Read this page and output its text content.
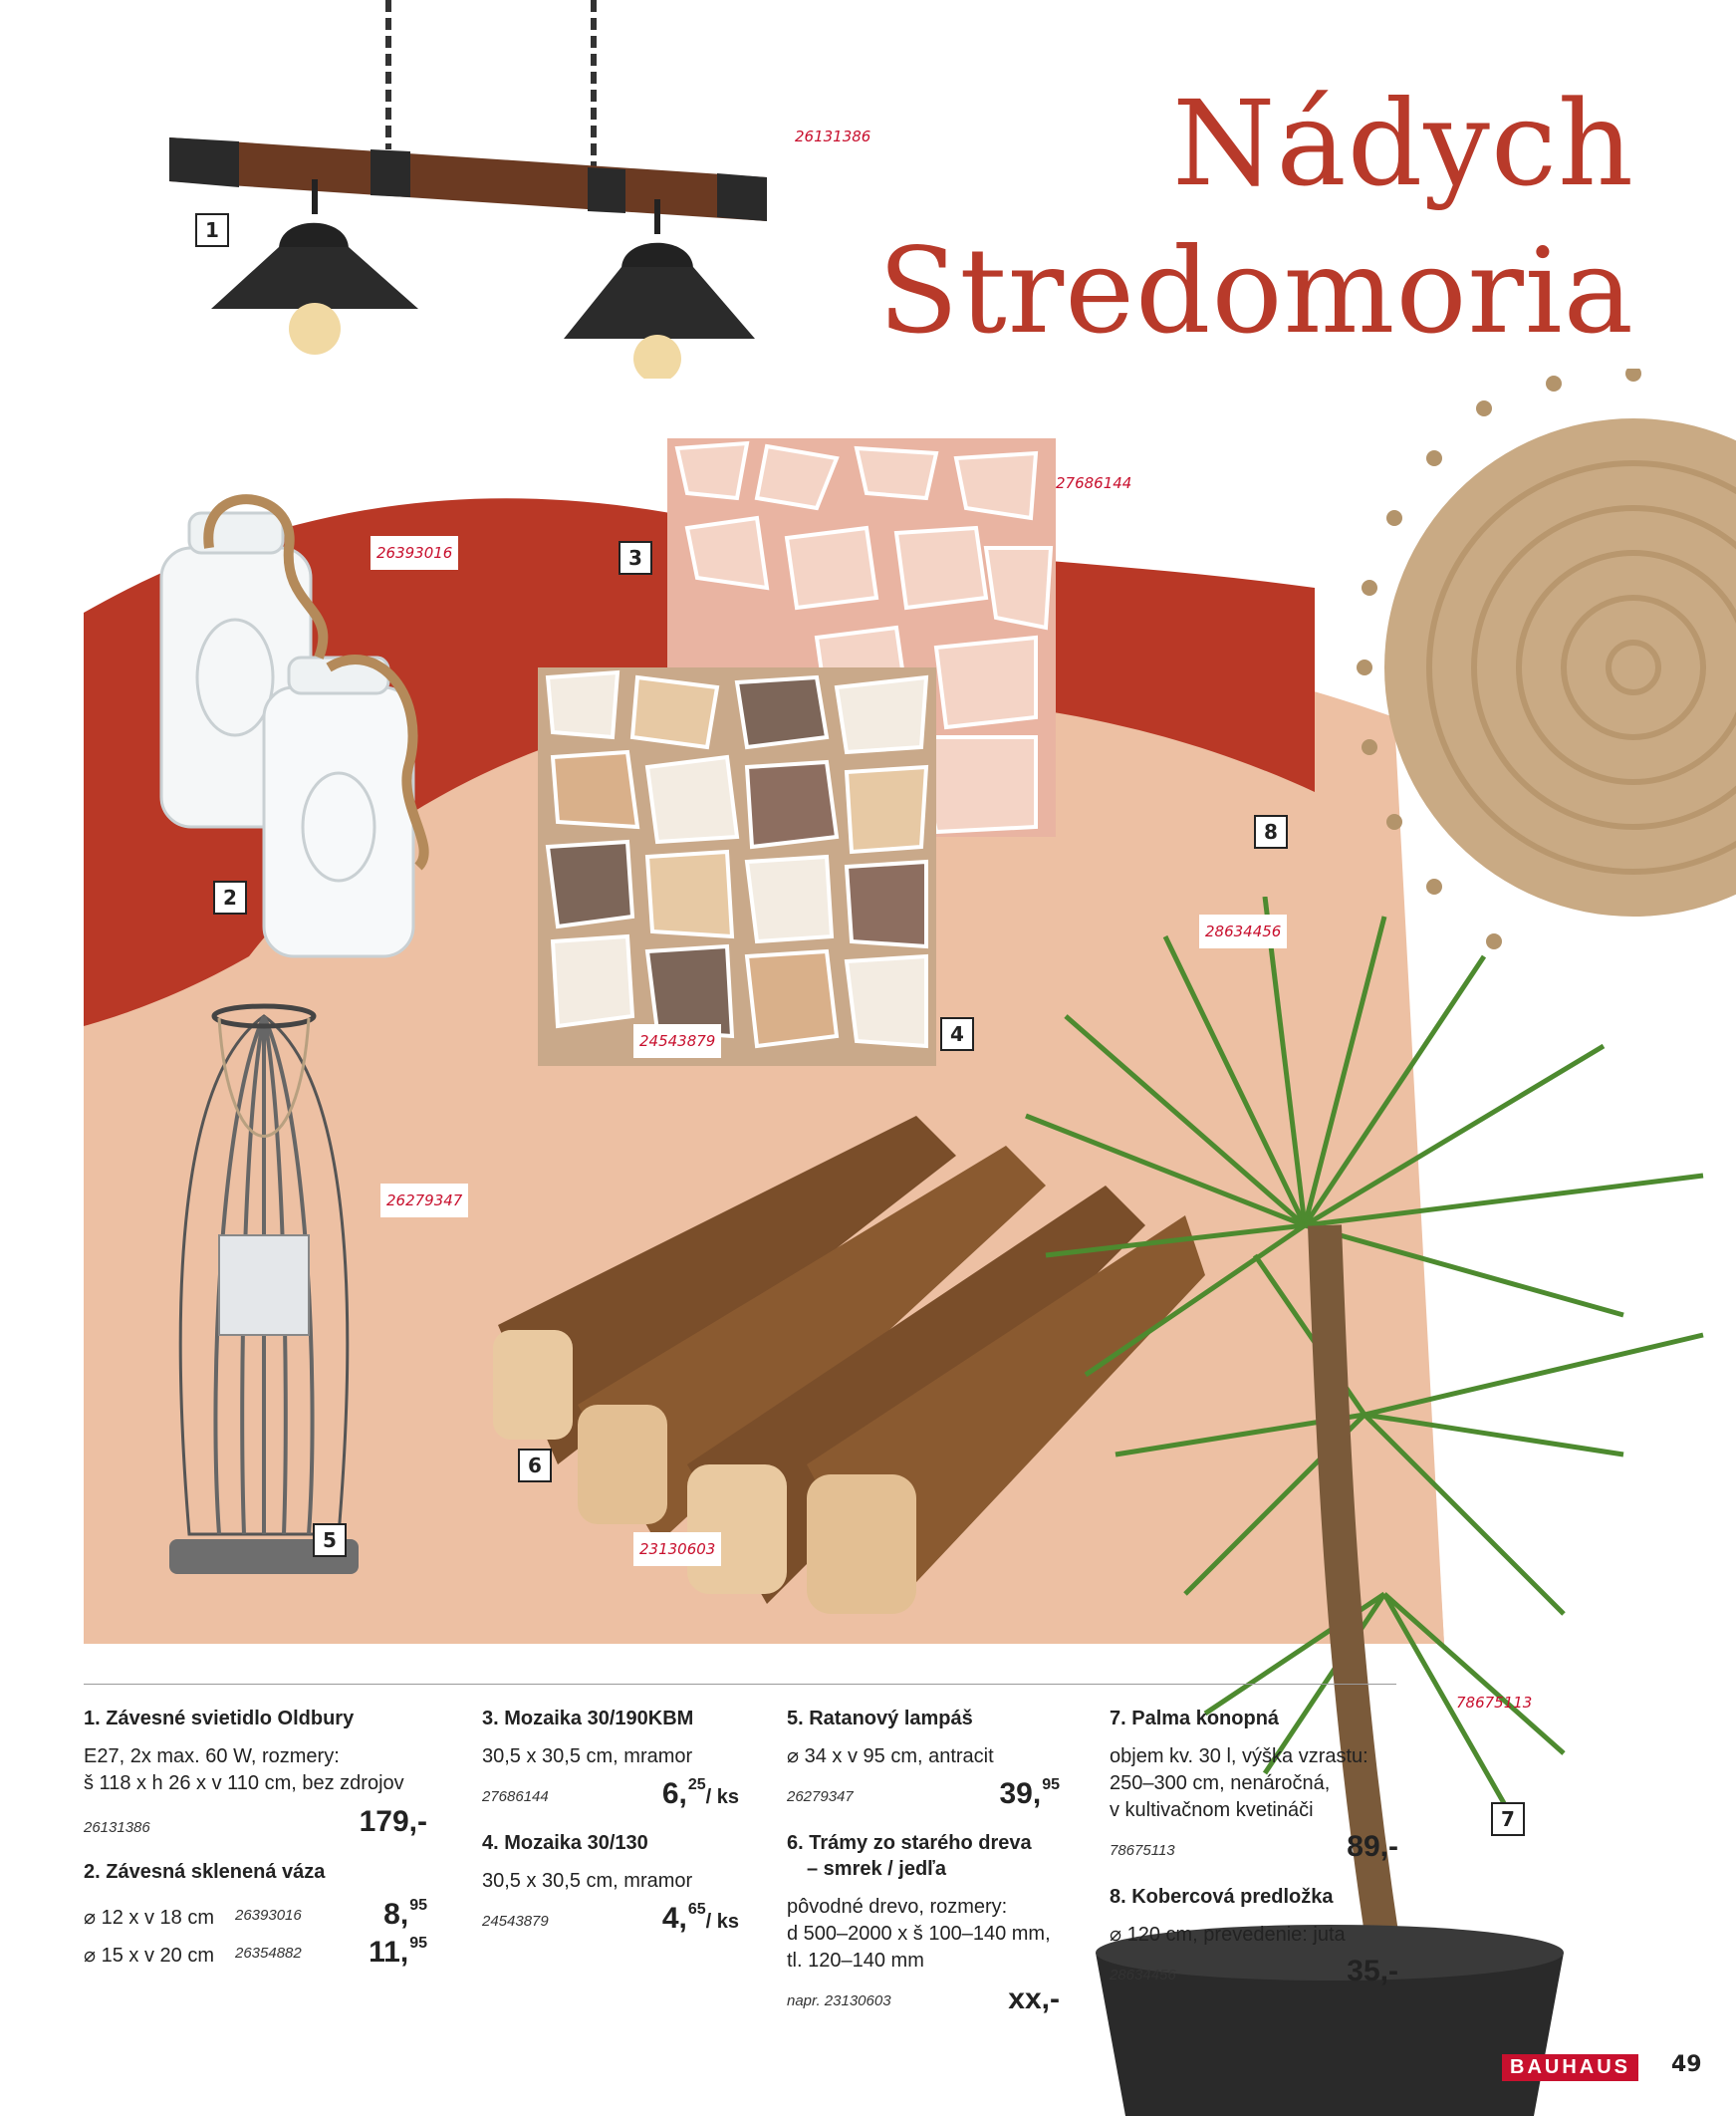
Nádych
Stredomoria
1
2
3
4
5
6
7
8
26131386
26393016
27686144
24543879
28634456
26279347
23130603
78675113
1. Závesné svietidlo Oldbury

E27, 2x max. 60 W, rozmery:

š 118 x h 26 x v 110 cm, bez zdrojov

26131386	179,-
2. Závesná sklenená váza
⌀ 12 x v 18 cm 26393016	8,95
⌀ 15 x v 20 cm 26354882 11,95
3. Mozaika 30/190KBM

30,5 x 30,5 cm, mramor

27686144	6,25/ ks
4. Mozaika 30/130

30,5 x 30,5 cm, mramor

24543879	4,65/ ks
5. Ratanový lampáš

⌀ 34 x v 95 cm, antracit

26279347	39,95
6. Trámy zo starého dreva
– smrek / jedľa

pôvodné drevo, rozmery:

d 500–2000 x š 100–140 mm,

tl. 120–140 mm

napr. 23130603	xx,-
7. Palma konopná

objem kv. 30 l, výška vzrastu:

250–300 cm, nenáročná,

v kultivačnom kvetináči

78675113	89,-
8. Kobercová predložka

⌀ 120 cm, prevedenie: juta

28634456	35,-
BAUHAUS	49
